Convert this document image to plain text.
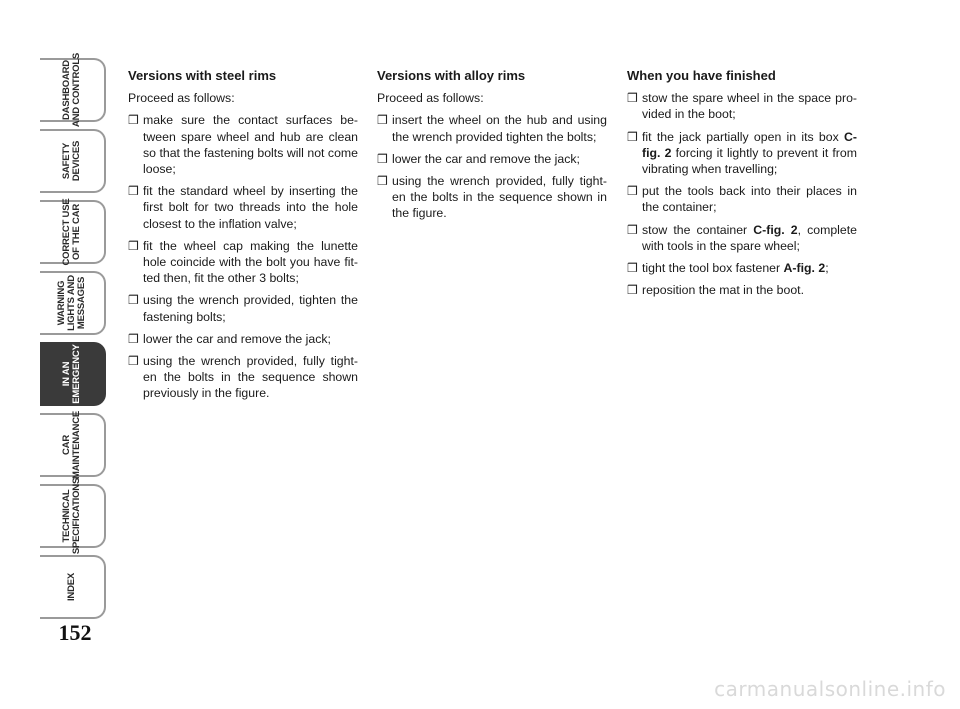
DASHBOARD
AND CONTROLS
SAFETY
DEVICES
CORRECT USE
OF THE CAR
WARNING
LIGHTS AND
MESSAGES
IN AN
EMERGENCY
CAR
MAINTENANCE
TECHNICAL
SPECIFICATIONS
INDEX
152

Versions with steel rims

Proceed as follows:

❒ make sure the contact surfaces be-tween spare wheel and hub are clean so that the fastening bolts will not come loose;
❒ fit the standard wheel by inserting the first bolt for two threads into the hole closest to the inflation valve;
❒ fit the wheel cap making the lunette hole coincide with the bolt you have fit-ted then, fit the other 3 bolts;
❒ using the wrench provided, tighten the fastening bolts;
❒ lower the car and remove the jack;
❒ using the wrench provided, fully tight-en the bolts in the sequence shown previously in the figure.

Versions with alloy rims

Proceed as follows:

❒ insert the wheel on the hub and using the wrench provided tighten the bolts;
❒ lower the car and remove the jack;
❒ using the wrench provided, fully tight-en the bolts in the sequence shown in the figure.

When you have finished

❒ stow the spare wheel in the space pro-vided in the boot;
❒ fit the jack partially open in its box C-fig. 2 forcing it lightly to prevent it from vibrating when travelling;
❒ put the tools back into their places in the container;
❒ stow the container C-fig. 2, complete with tools in the spare wheel;
❒ tight the tool box fastener A-fig. 2;
❒ reposition the mat in the boot.
carmanualsonline.info
